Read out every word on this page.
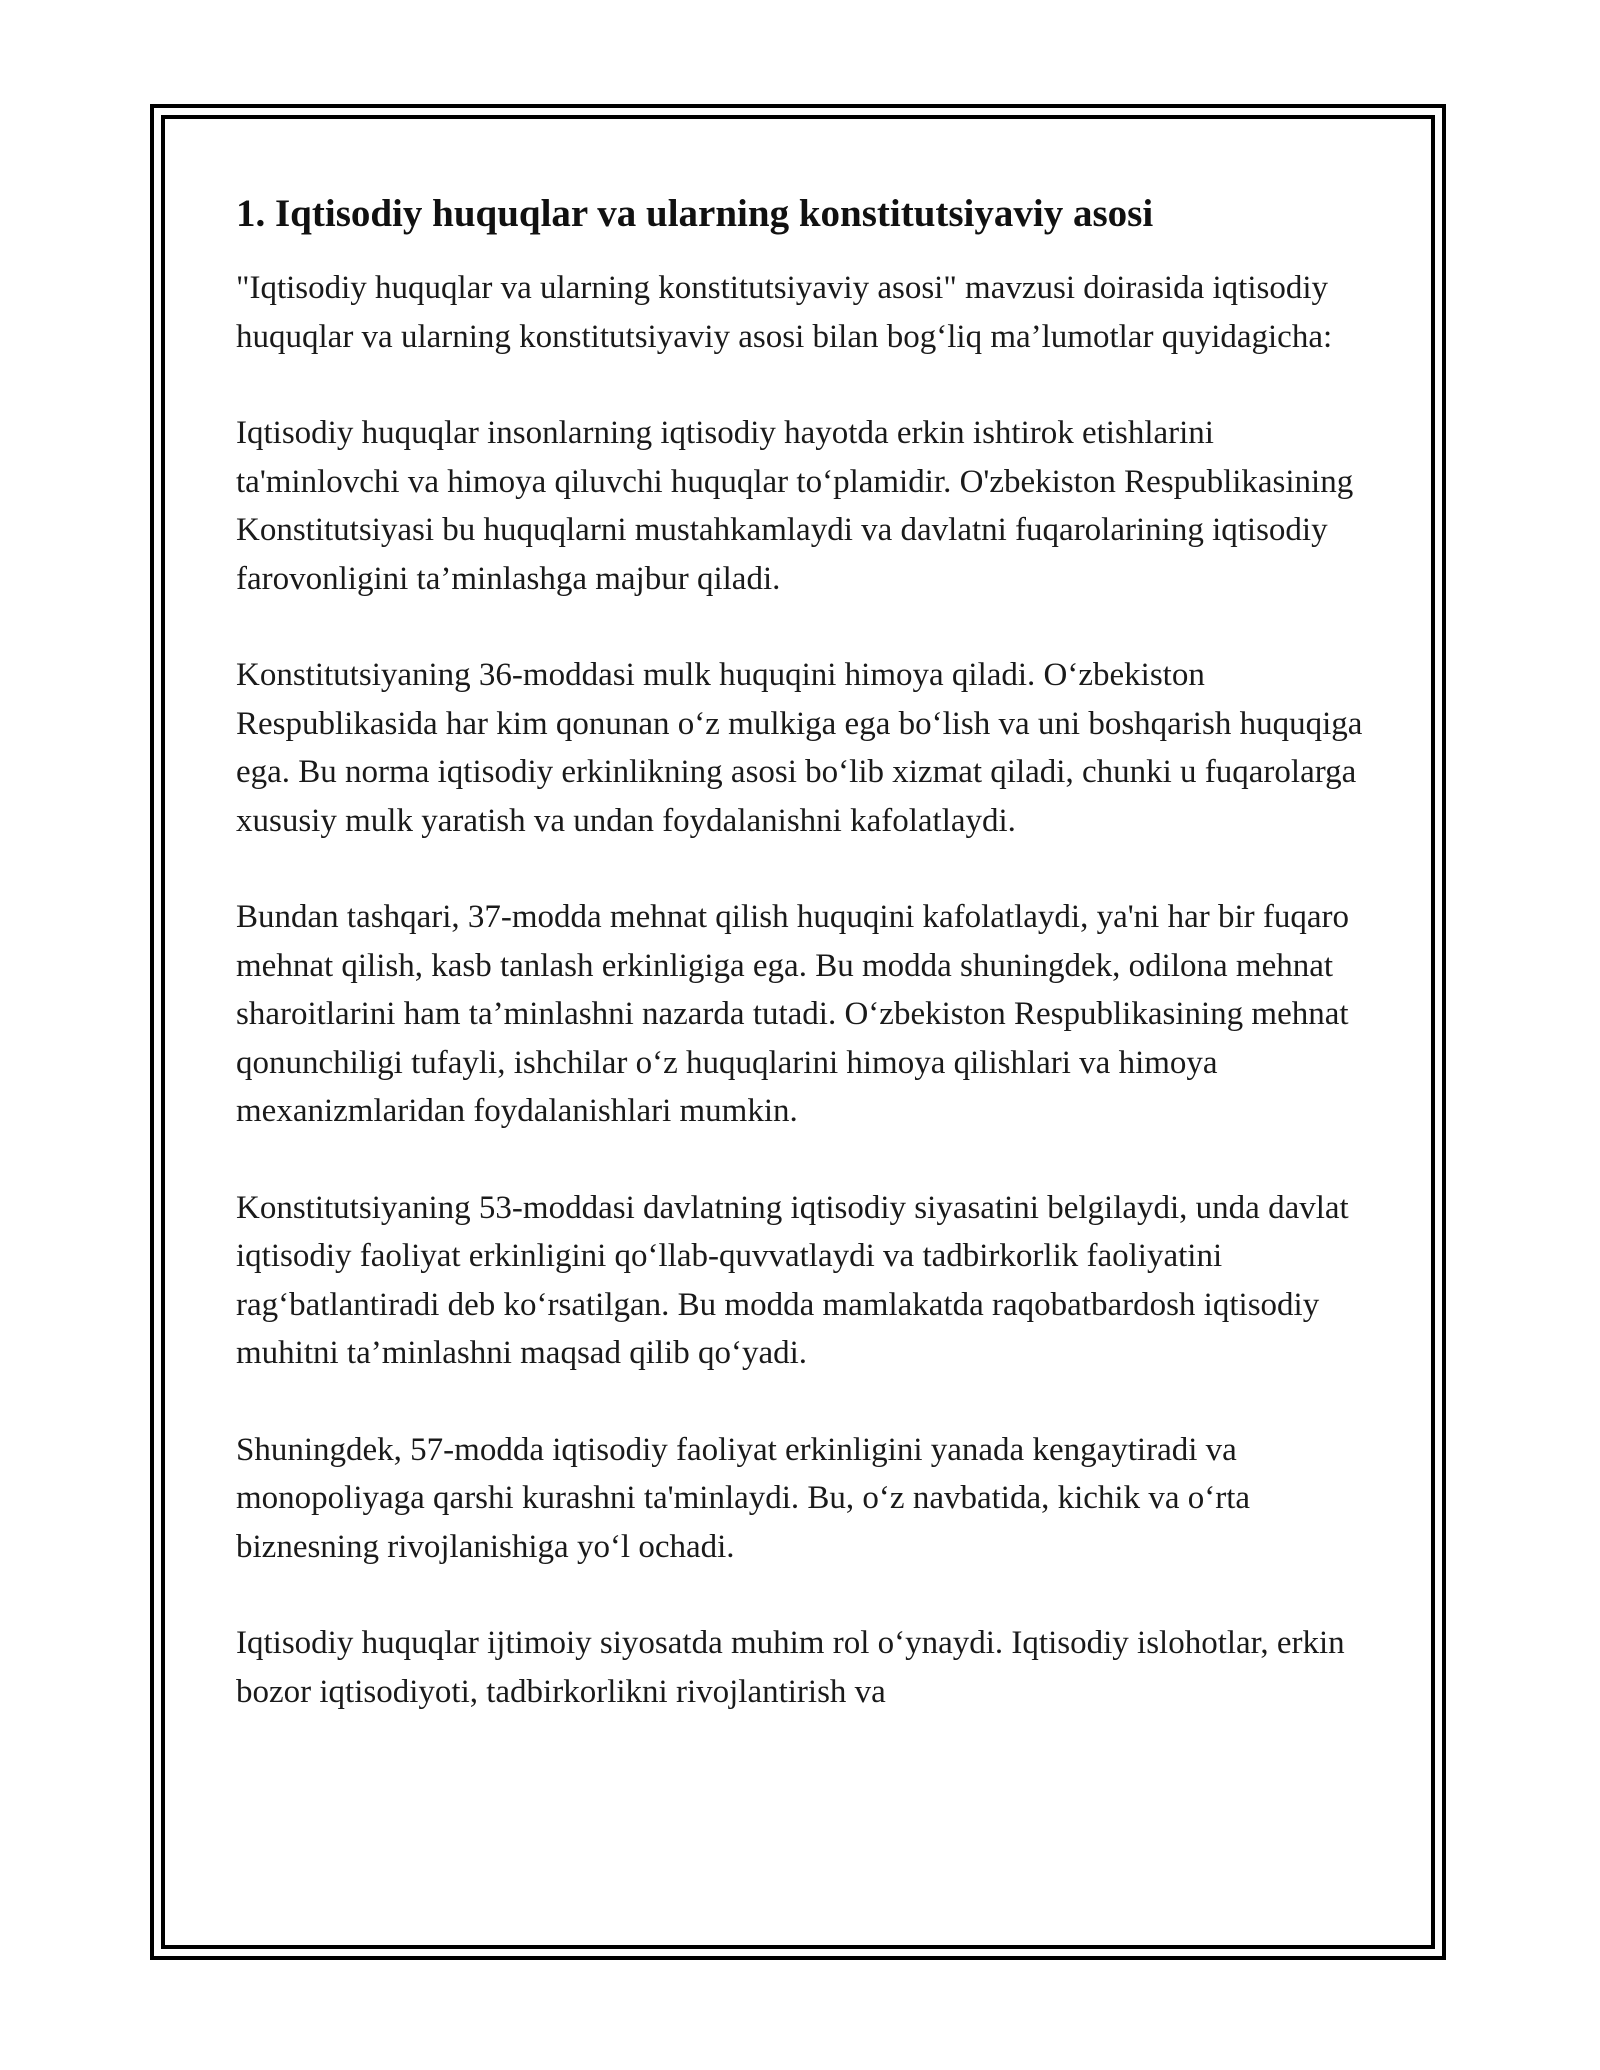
1. Iqtisodiy huquqlar va ularning konstitutsiyaviy asosi

"Iqtisodiy huquqlar va ularning konstitutsiyaviy asosi" mavzusi doirasida iqtisodiy huquqlar va ularning konstitutsiyaviy asosi bilan bog‘liq ma’lumotlar quyidagicha:

Iqtisodiy huquqlar insonlarning iqtisodiy hayotda erkin ishtirok etishlarini ta'minlovchi va himoya qiluvchi huquqlar to‘plamidir. O'zbekiston Respublikasining Konstitutsiyasi bu huquqlarni mustahkamlaydi va davlatni fuqarolarining iqtisodiy farovonligini ta’minlashga majbur qiladi.

Konstitutsiyaning 36-moddasi mulk huquqini himoya qiladi. O‘zbekiston Respublikasida har kim qonunan o‘z mulkiga ega bo‘lish va uni boshqarish huquqiga ega. Bu norma iqtisodiy erkinlikning asosi bo‘lib xizmat qiladi, chunki u fuqarolarga xususiy mulk yaratish va undan foydalanishni kafolatlaydi.

Bundan tashqari, 37-modda mehnat qilish huquqini kafolatlaydi, ya'ni har bir fuqaro mehnat qilish, kasb tanlash erkinligiga ega. Bu modda shuningdek, odilona mehnat sharoitlarini ham ta’minlashni nazarda tutadi. O‘zbekiston Respublikasining mehnat qonunchiligi tufayli, ishchilar o‘z huquqlarini himoya qilishlari va himoya mexanizmlaridan foydalanishlari mumkin.

Konstitutsiyaning 53-moddasi davlatning iqtisodiy siyasatini belgilaydi, unda davlat iqtisodiy faoliyat erkinligini qo‘llab-quvvatlaydi va tadbirkorlik faoliyatini rag‘batlantiradi deb ko‘rsatilgan. Bu modda mamlakatda raqobatbardosh iqtisodiy muhitni ta’minlashni maqsad qilib qo‘yadi.

Shuningdek, 57-modda iqtisodiy faoliyat erkinligini yanada kengaytiradi va monopoliyaga qarshi kurashni ta'minlaydi. Bu, o‘z navbatida, kichik va o‘rta biznesning rivojlanishiga yo‘l ochadi.

Iqtisodiy huquqlar ijtimoiy siyosatda muhim rol o‘ynaydi. Iqtisodiy islohotlar, erkin bozor iqtisodiyoti, tadbirkorlikni rivojlantirish va
